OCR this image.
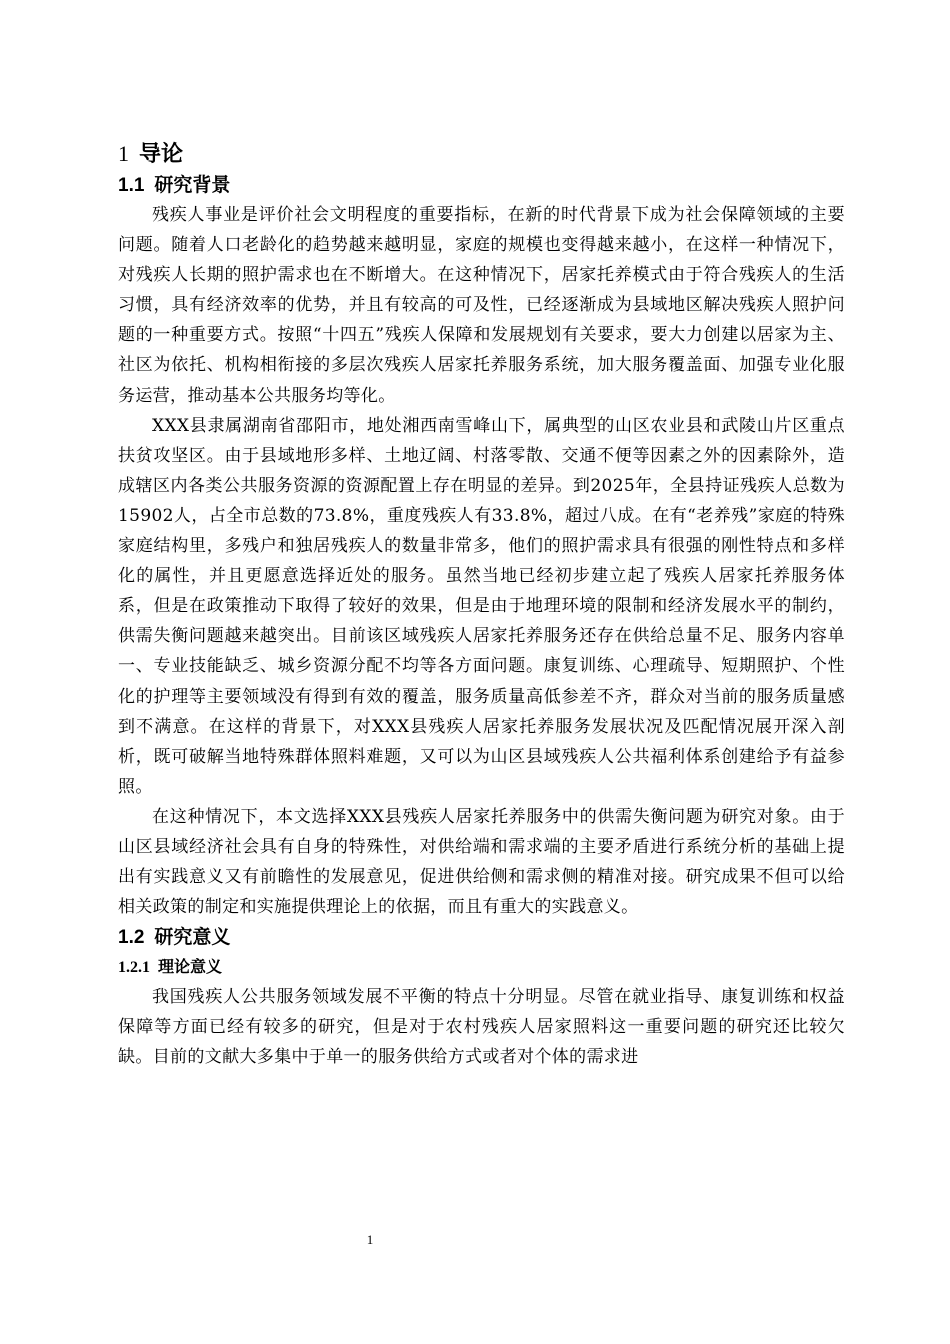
1 导论
1.1 研究背景

残疾人事业是评价社会文明程度的重要指标，在新的时代背景下成为社会保障领域的主要问题。随着人口老龄化的趋势越来越明显，家庭的规模也变得越来越小，在这样一种情况下，对残疾人长期的照护需求也在不断增大。在这种情况下，居家托养模式由于符合残疾人的生活习惯，具有经济效率的优势，并且有较高的可及性，已经逐渐成为县域地区解决残疾人照护问题的一种重要方式。按照“十四五”残疾人保障和发展规划有关要求，要大力创建以居家为主、社区为依托、机构相衔接的多层次残疾人居家托养服务系统，加大服务覆盖面、加强专业化服务运营，推动基本公共服务均等化。

XXX县隶属湖南省邵阳市，地处湘西南雪峰山下，属典型的山区农业县和武陵山片区重点扶贫攻坚区。由于县域地形多样、土地辽阔、村落零散、交通不便等因素之外的因素除外，造成辖区内各类公共服务资源的资源配置上存在明显的差异。到2025年，全县持证残疾人总数为15902人，占全市总数的73.8%，重度残疾人有33.8%，超过八成。在有“老养残”家庭的特殊家庭结构里，多残户和独居残疾人的数量非常多，他们的照护需求具有很强的刚性特点和多样化的属性，并且更愿意选择近处的服务。虽然当地已经初步建立起了残疾人居家托养服务体系，但是在政策推动下取得了较好的效果，但是由于地理环境的限制和经济发展水平的制约，供需失衡问题越来越突出。目前该区域残疾人居家托养服务还存在供给总量不足、服务内容单一、专业技能缺乏、城乡资源分配不均等各方面问题。康复训练、心理疏导、短期照护、个性化的护理等主要领域没有得到有效的覆盖，服务质量高低参差不齐，群众对当前的服务质量感到不满意。在这样的背景下，对XXX县残疾人居家托养服务发展状况及匹配情况展开深入剖析，既可破解当地特殊群体照料难题，又可以为山区县域残疾人公共福利体系创建给予有益参照。

在这种情况下，本文选择XXX县残疾人居家托养服务中的供需失衡问题为研究对象。由于山区县域经济社会具有自身的特殊性，对供给端和需求端的主要矛盾进行系统分析的基础上提出有实践意义又有前瞻性的发展意见，促进供给侧和需求侧的精准对接。研究成果不但可以给相关政策的制定和实施提供理论上的依据，而且有重大的实践意义。

1.2 研究意义
1.2.1 理论意义

我国残疾人公共服务领域发展不平衡的特点十分明显。尽管在就业指导、康复训练和权益保障等方面已经有较多的研究，但是对于农村残疾人居家照料这一重要问题的研究还比较欠缺。目前的文献大多集中于单一的服务供给方式或者对个体的需求进

1
